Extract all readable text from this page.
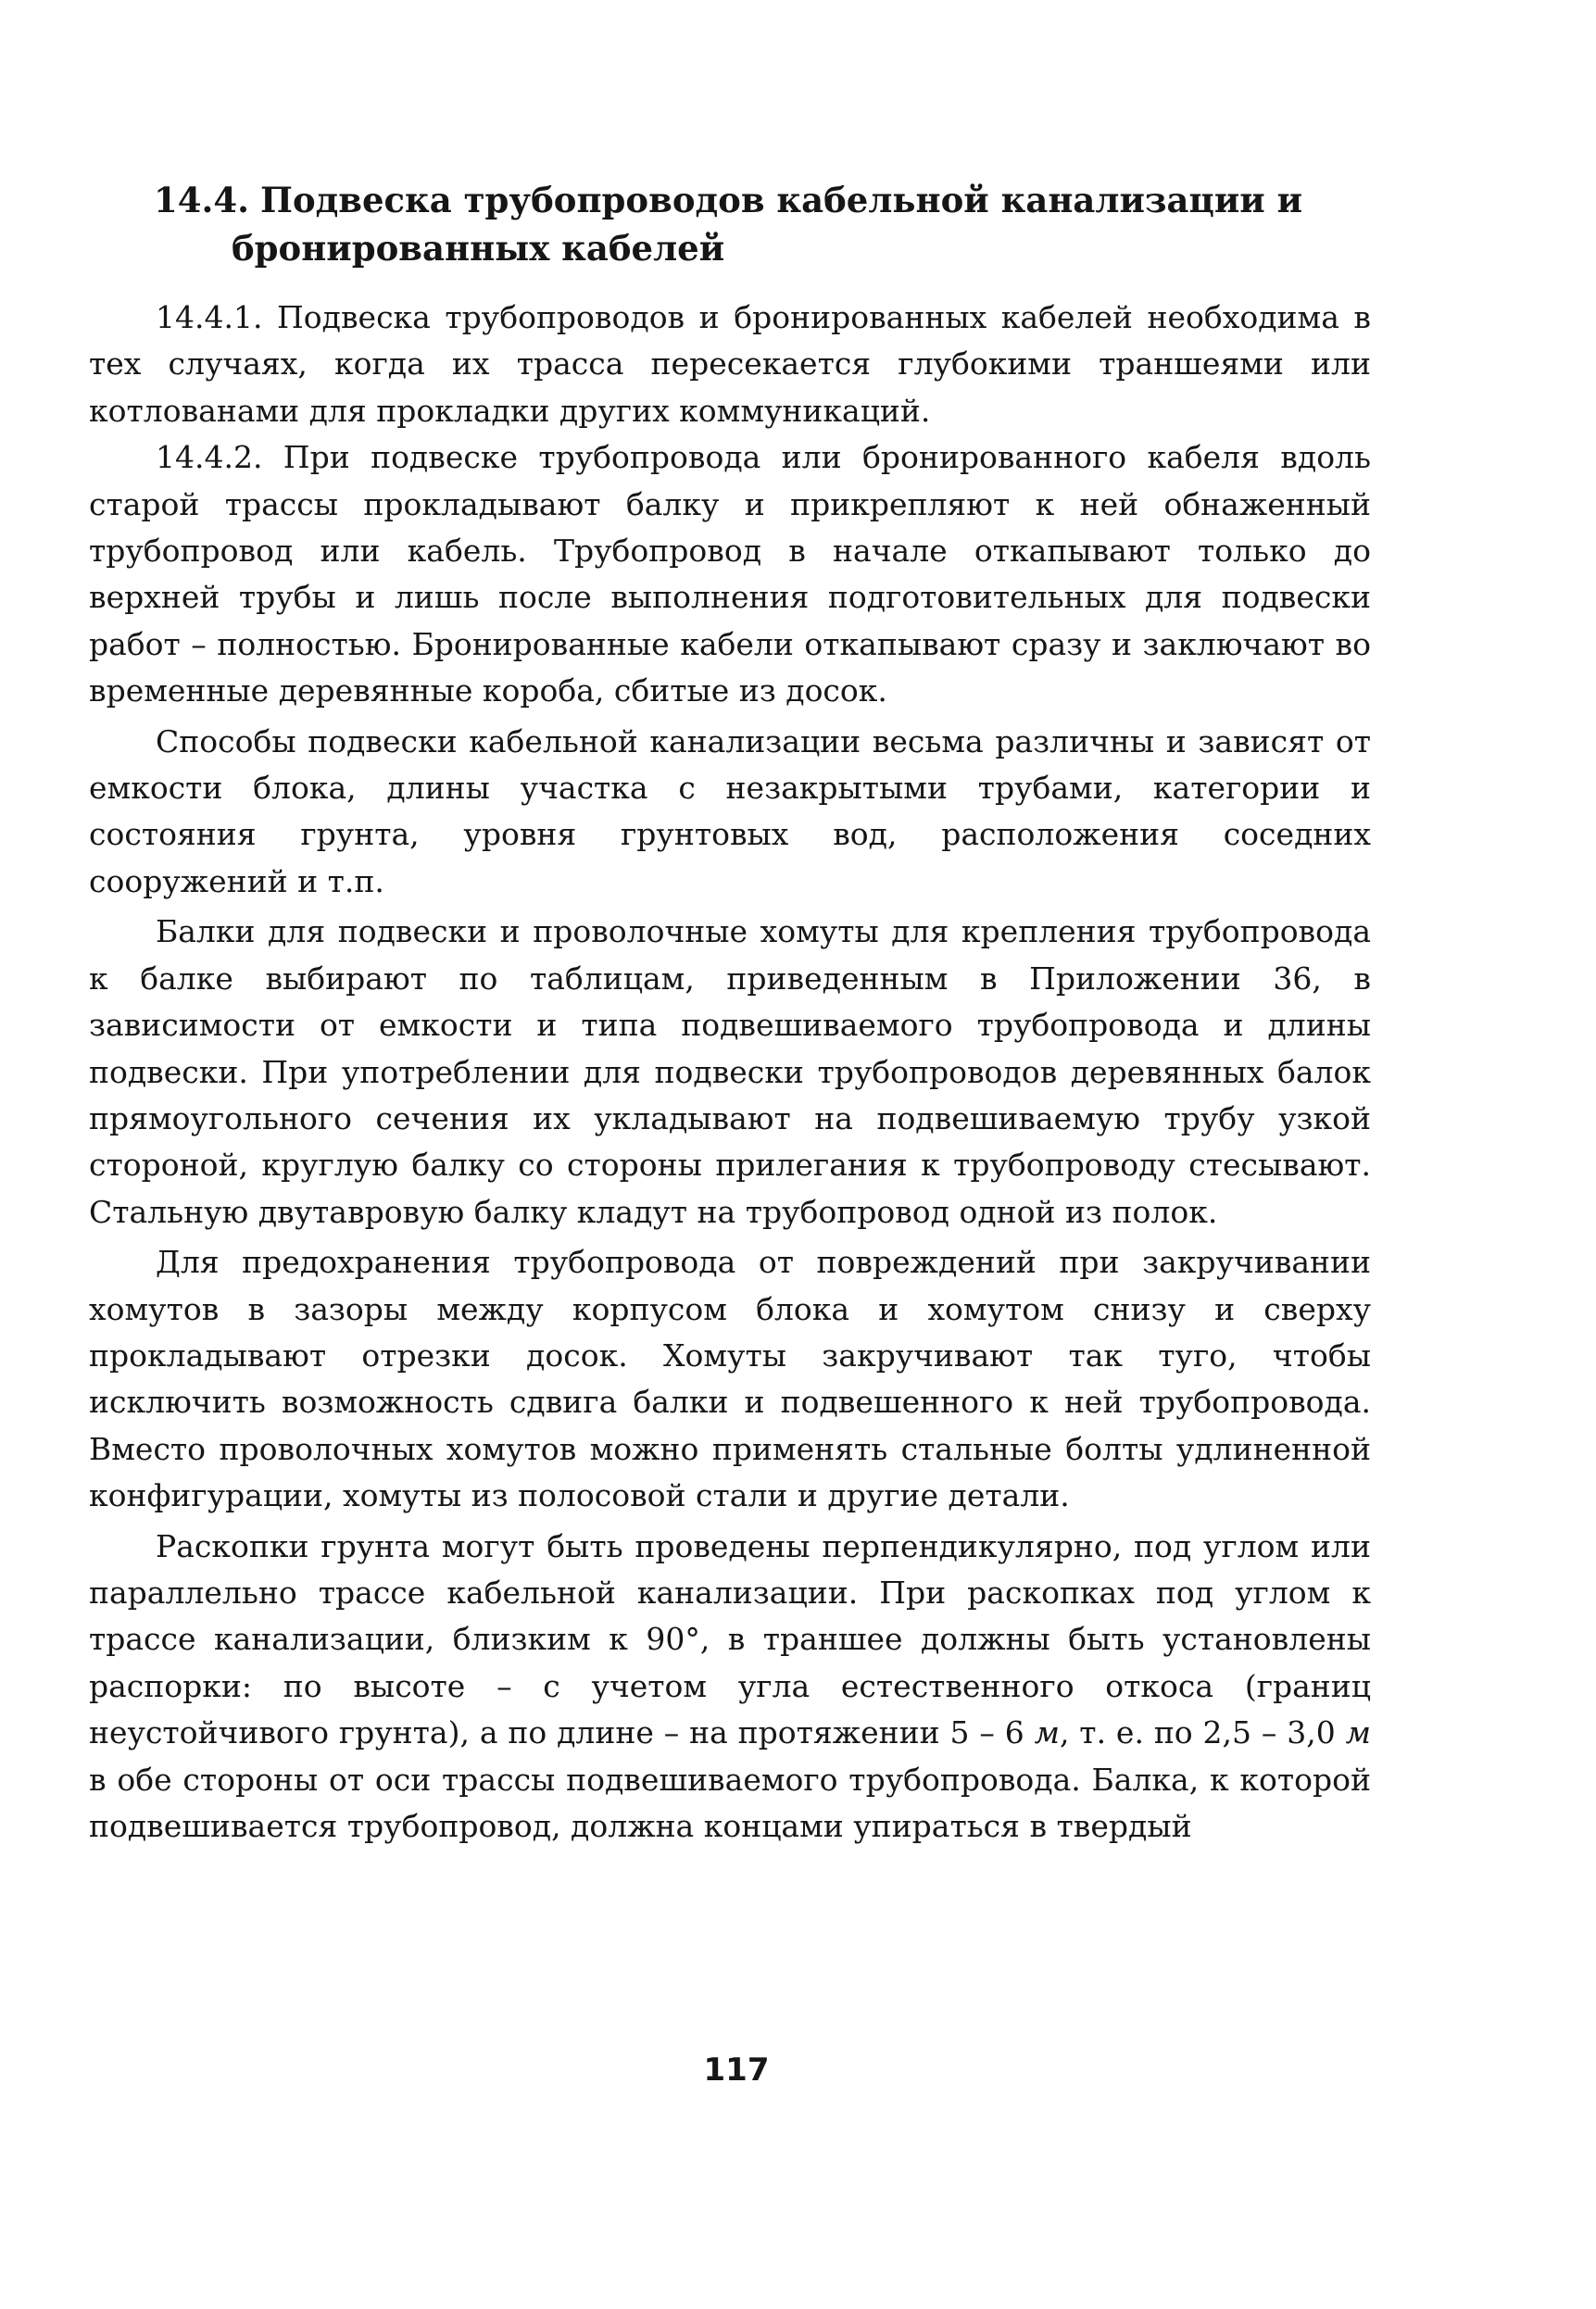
14.4. Подвеска трубопроводов кабельной канализации и
бронированных кабелей

14.4.1. Подвеска трубопроводов и бронированных кабелей необходима в тех случаях, когда их трасса пересекается глубокими траншеями или котлованами для прокладки других коммуникаций.

14.4.2. При подвеске трубопровода или бронированного кабеля вдоль старой трассы прокладывают балку и прикрепляют к ней обнаженный трубопровод или кабель. Трубопровод в начале откапывают только до верхней трубы и лишь после выполнения подготовительных для подвески работ – полностью. Бронированные кабели откапывают сразу и заключают во временные деревянные короба, сбитые из досок.

Способы подвески кабельной канализации весьма различны и зависят от емкости блока, длины участка с незакрытыми трубами, категории и состояния грунта, уровня грунтовых вод, расположения соседних сооружений и т.п.

Балки для подвески и проволочные хомуты для крепления трубопровода к балке выбирают по таблицам, приведенным в Приложении 36, в зависимости от емкости и типа подвешиваемого трубопровода и длины подвески. При употреблении для подвески трубопроводов деревянных балок прямоугольного сечения их укладывают на подвешиваемую трубу узкой стороной, круглую балку со стороны прилегания к трубопроводу стесывают. Стальную двутавровую балку кладут на трубопровод одной из полок.

Для предохранения трубопровода от повреждений при закручивании хомутов в зазоры между корпусом блока и хомутом снизу и сверху прокладывают отрезки досок. Хомуты закручивают так туго, чтобы исключить возможность сдвига балки и подвешенного к ней трубопровода. Вместо проволочных хомутов можно применять стальные болты удлиненной конфигурации, хомуты из полосовой стали и другие детали.

Раскопки грунта могут быть проведены перпендикулярно, под углом или параллельно трассе кабельной канализации. При раскопках под углом к трассе канализации, близким к 90°, в траншее должны быть установлены распорки: по высоте – с учетом угла естественного откоса (границ неустойчивого грунта), а по длине – на протяжении 5 – 6 м, т. е. по 2,5 – 3,0 м в обе стороны от оси трассы подвешиваемого трубопровода. Балка, к которой подвешивается трубопровод, должна концами упираться в твердый

117
